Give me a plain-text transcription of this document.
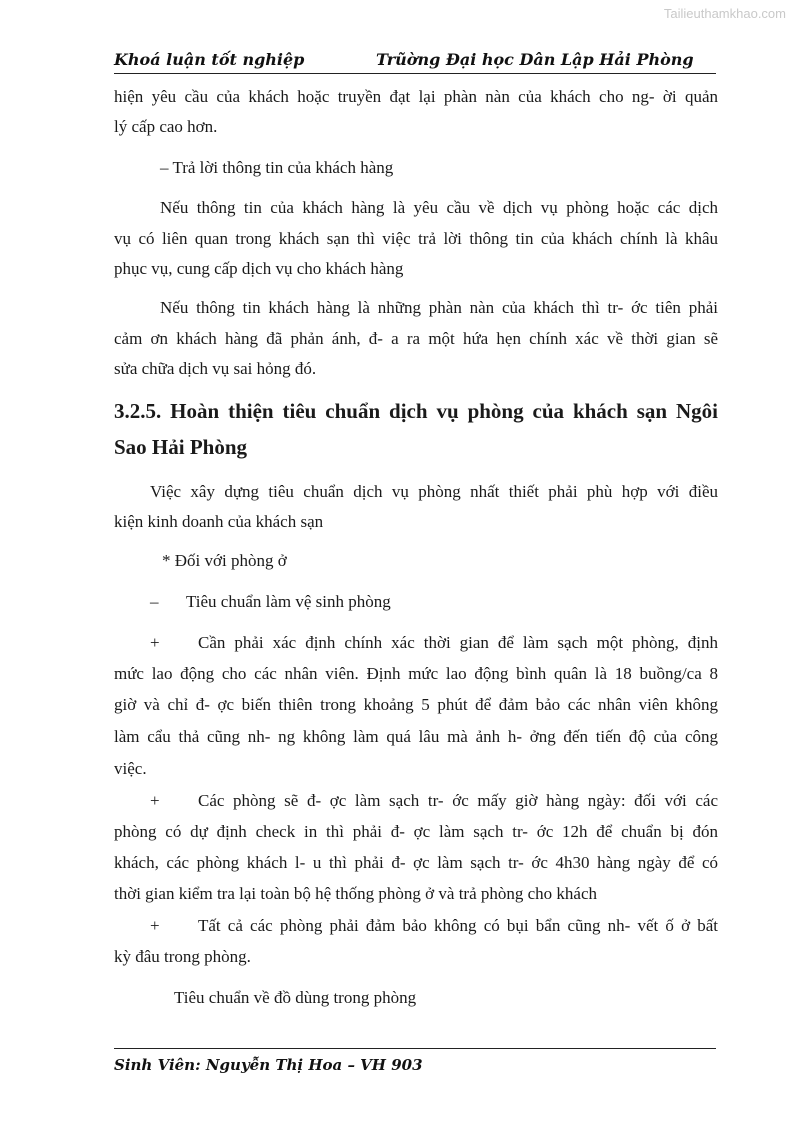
Tailieuthamkhao.com
Khoá luận tốt nghiệp	Trũờng Đại học Dân Lập Hải Phòng
hiện yêu cầu của khách hoặc truyền đạt lại phàn nàn của khách cho ng- ời quản
lý cấp cao hơn.
– Trả lời thông tin của khách hàng
Nếu thông tin của khách hàng là yêu cầu về dịch vụ phòng hoặc các dịch
vụ có liên quan trong khách sạn thì việc trả lời thông tin của khách chính là khâu
phục vụ, cung cấp dịch vụ cho khách hàng
Nếu thông tin khách hàng là những phàn nàn của khách thì tr- ớc tiên phải
cảm ơn khách hàng đã phản ánh, đ- a ra một hứa hẹn chính xác về thời gian sẽ
sửa chữa dịch vụ sai hỏng đó.
3.2.5. Hoàn thiện tiêu chuẩn dịch vụ phòng của khách sạn Ngôi
Sao Hải Phòng
Việc xây dựng tiêu chuẩn dịch vụ phòng nhất thiết phải phù hợp với điều
kiện kinh doanh của khách sạn
* Đối với phòng ở
– Tiêu chuẩn làm vệ sinh phòng
+ Cần phải xác định chính xác thời gian để làm sạch một phòng, định
mức lao động cho các nhân viên. Định mức lao động bình quân là 18 buồng/ca 8
giờ và chỉ đ- ợc biến thiên trong khoảng 5 phút để đảm bảo các nhân viên không
làm cẩu thả cũng nh- ng không làm quá lâu mà ảnh h- ởng đến tiến độ của công
việc.
+ Các phòng sẽ đ- ợc làm sạch tr- ớc mấy giờ hàng ngày: đối với các
phòng có dự định check in thì phải đ- ợc làm sạch tr- ớc 12h để chuẩn bị đón
khách, các phòng khách l- u thì phải đ- ợc làm sạch tr- ớc 4h30 hàng ngày để có
thời gian kiểm tra lại toàn bộ hệ thống phòng ở và trả phòng cho khách
+ Tất cả các phòng phải đảm bảo không có bụi bẩn cũng nh- vết ố ở bất
kỳ đâu trong phòng.
Tiêu chuẩn về đồ dùng trong phòng
Sinh Viên: Nguyễn Thị Hoa – VH 903
